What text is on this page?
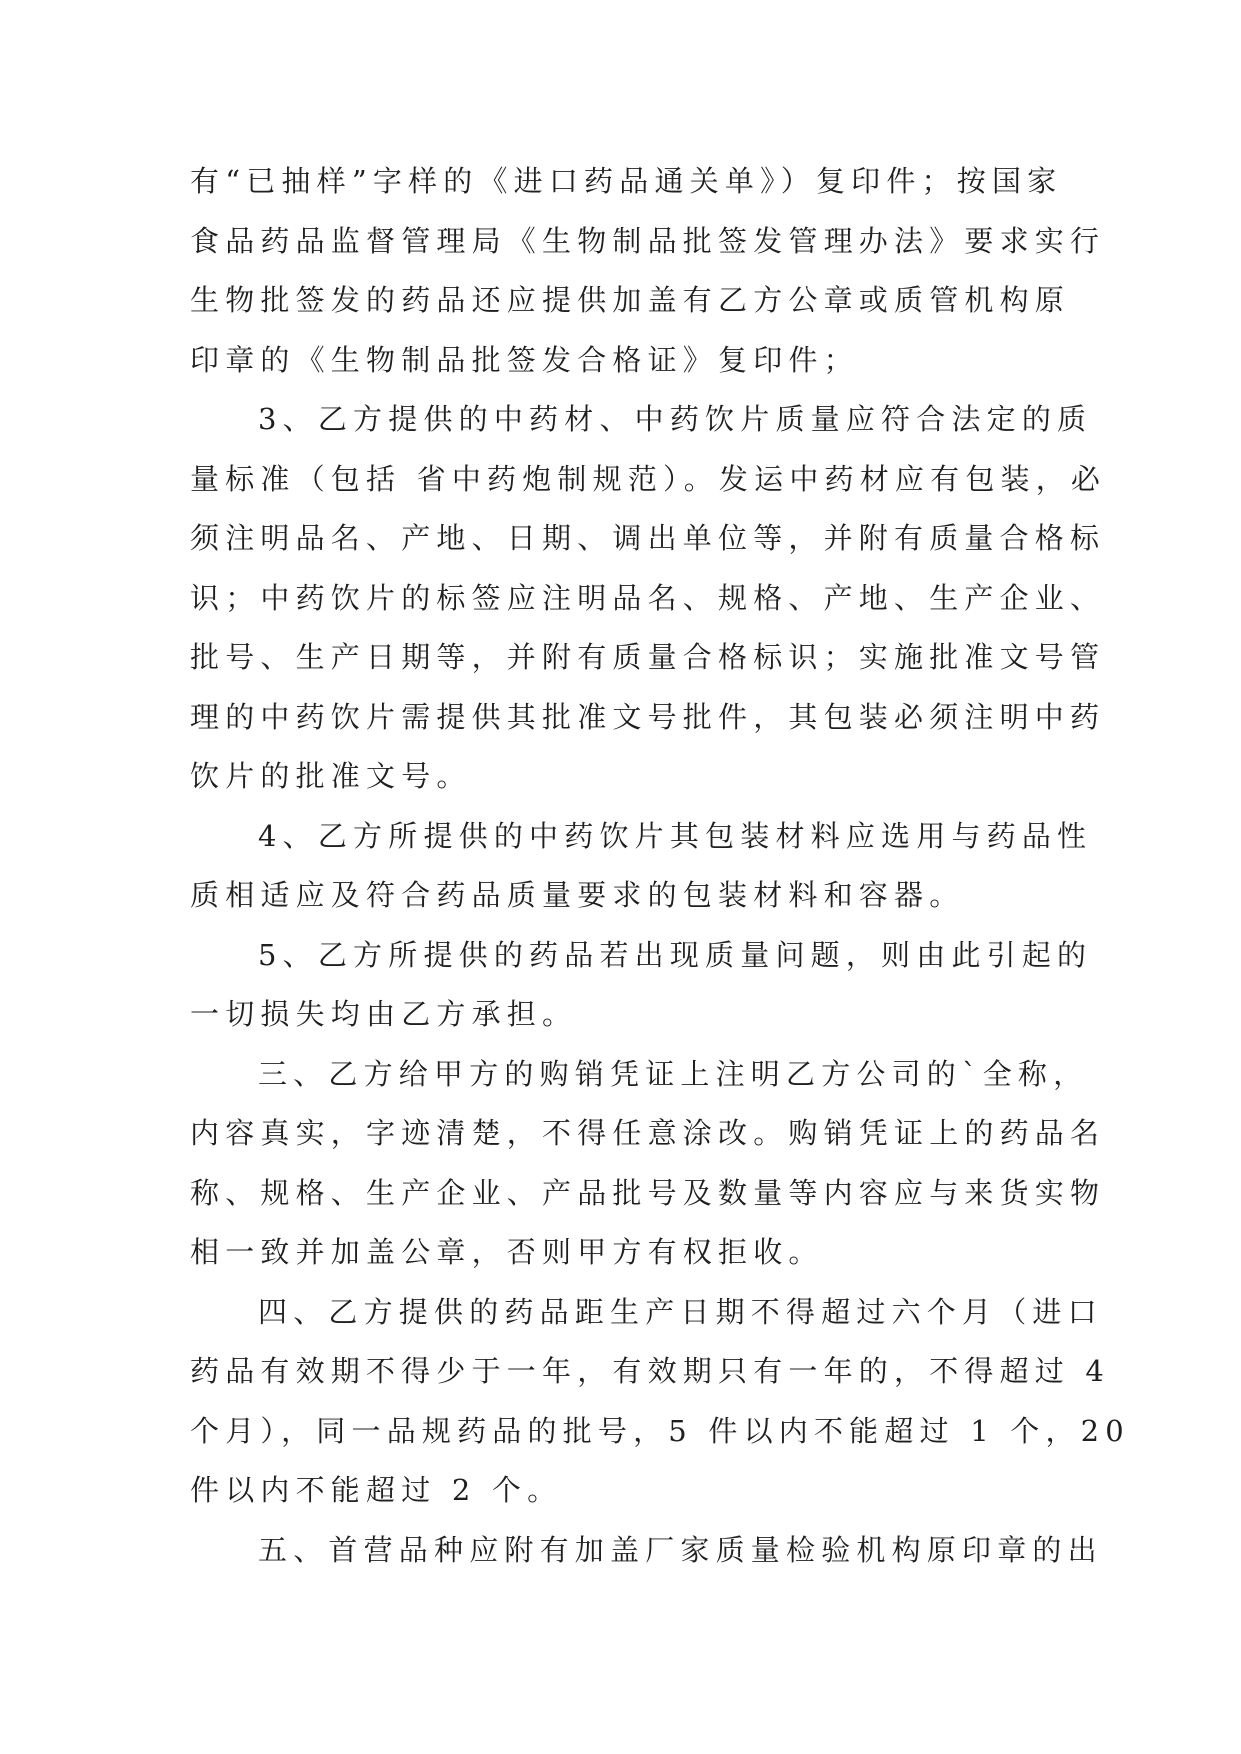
有“已抽样”字样的《进口药品通关单》）复印件；按国家
食品药品监督管理局《生物制品批签发管理办法》要求实行
生物批签发的药品还应提供加盖有乙方公章或质管机构原
印章的《生物制品批签发合格证》复印件；
3、乙方提供的中药材、中药饮片质量应符合法定的质
量标准（包括 省中药炮制规范）。发运中药材应有包装，必
须注明品名、产地、日期、调出单位等，并附有质量合格标
识；中药饮片的标签应注明品名、规格、产地、生产企业、
批号、生产日期等，并附有质量合格标识；实施批准文号管
理的中药饮片需提供其批准文号批件，其包装必须注明中药
饮片的批准文号。
4、乙方所提供的中药饮片其包装材料应选用与药品性
质相适应及符合药品质量要求的包装材料和容器。
5、乙方所提供的药品若出现质量问题，则由此引起的
一切损失均由乙方承担。
三、乙方给甲方的购销凭证上注明乙方公司的`全称，
内容真实，字迹清楚，不得任意涂改。购销凭证上的药品名
称、规格、生产企业、产品批号及数量等内容应与来货实物
相一致并加盖公章，否则甲方有权拒收。
四、乙方提供的药品距生产日期不得超过六个月（进口
药品有效期不得少于一年，有效期只有一年的，不得超过 4
个月），同一品规药品的批号，5 件以内不能超过 1 个，20
件以内不能超过 2 个。
五、首营品种应附有加盖厂家质量检验机构原印章的出
